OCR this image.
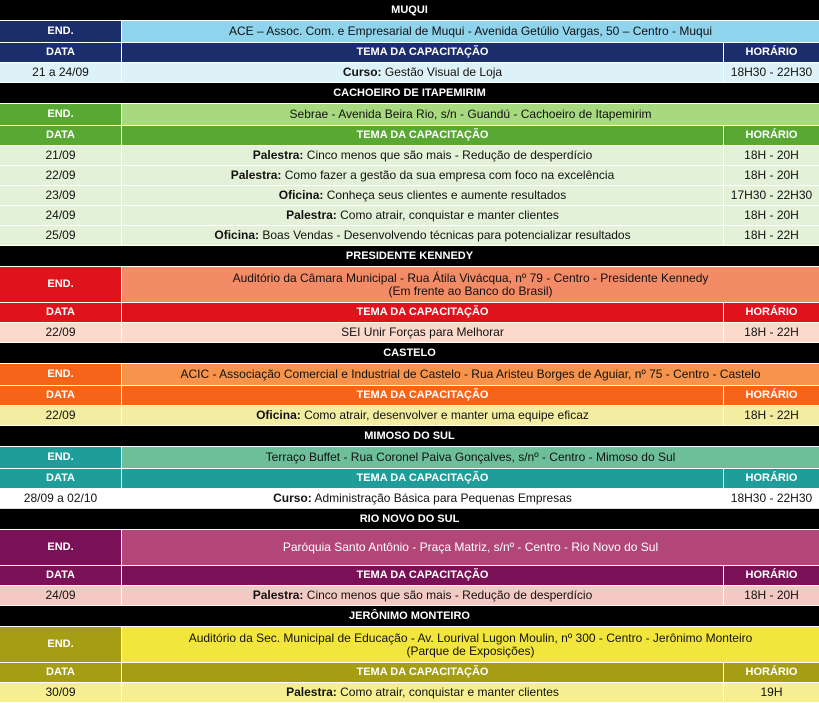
MUQUI
END.	ACE – Assoc. Com. e Empresarial de Muqui - Avenida Getúlio Vargas, 50 – Centro - Muqui
DATA	TEMA DA CAPACITAÇÃO	HORÁRIO
21 a 24/09	Curso: Gestão Visual de Loja	18H30 - 22H30
CACHOEIRO DE ITAPEMIRIM
END.	Sebrae - Avenida Beira Rio, s/n - Guandú - Cachoeiro de Itapemirim
DATA	TEMA DA CAPACITAÇÃO	HORÁRIO
21/09	Palestra: Cinco menos que são mais - Redução de desperdício	18H - 20H
22/09	Palestra: Como fazer a gestão da sua empresa com foco na excelência	18H - 20H
23/09	Oficina: Conheça seus clientes e aumente resultados	17H30 - 22H30
24/09	Palestra: Como atrair, conquistar e manter clientes	18H - 20H
25/09	Oficina: Boas Vendas - Desenvolvendo técnicas para potencializar resultados	18H - 22H
PRESIDENTE KENNEDY
END.	Auditório da Câmara Municipal - Rua Átila Vivácqua, nº 79 - Centro - Presidente Kennedy
(Em frente ao Banco do Brasil)
DATA	TEMA DA CAPACITAÇÃO	HORÁRIO
22/09	SEI Unir Forças para Melhorar	18H - 22H
CASTELO
END.	ACIC - Associação Comercial e Industrial de Castelo - Rua Aristeu Borges de Aguiar, nº 75 - Centro - Castelo
DATA	TEMA DA CAPACITAÇÃO	HORÁRIO
22/09	Oficina: Como atrair, desenvolver e manter uma equipe eficaz	18H - 22H
MIMOSO DO SUL
END.	Terraço Buffet - Rua Coronel Paiva Gonçalves, s/nº - Centro - Mimoso do Sul
DATA	TEMA DA CAPACITAÇÃO	HORÁRIO
28/09 a 02/10	Curso: Administração Básica para Pequenas Empresas	18H30 - 22H30
RIO NOVO DO SUL
END.	Paróquia Santo Antônio - Praça Matriz, s/nº - Centro - Rio Novo do Sul
DATA	TEMA DA CAPACITAÇÃO	HORÁRIO
24/09	Palestra: Cinco menos que são mais - Redução de desperdício	18H - 20H
JERÔNIMO MONTEIRO
END.	Auditório da Sec. Municipal de Educação - Av. Lourival Lugon Moulin, nº 300 - Centro - Jerônimo Monteiro
(Parque de Exposições)
DATA	TEMA DA CAPACITAÇÃO	HORÁRIO
30/09	Palestra: Como atrair, conquistar e manter clientes	19H
